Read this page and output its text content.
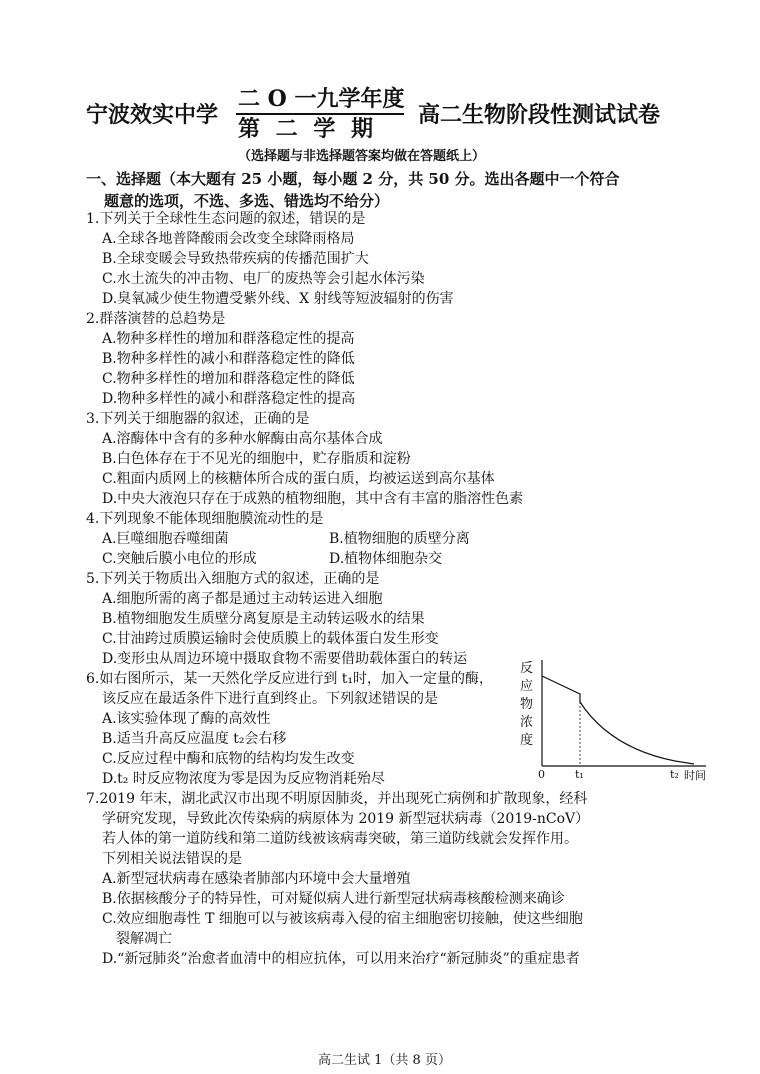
宁波效实中学
二 O 一九学年度
第 二 学 期
高二生物阶段性测试试卷
（选择题与非选择题答案均做在答题纸上）
一、选择题（本大题有 25 小题，每小题 2 分，共 50 分。选出各题中一个符合
题意的选项，不选、多选、错选均不给分）
1.下列关于全球性生态问题的叙述，错误的是
A.全球各地普降酸雨会改变全球降雨格局
B.全球变暖会导致热带疾病的传播范围扩大
C.水土流失的冲击物、电厂的废热等会引起水体污染
D.臭氧减少使生物遭受紫外线、X 射线等短波辐射的伤害
2.群落演替的总趋势是
A.物种多样性的增加和群落稳定性的提高
B.物种多样性的减小和群落稳定性的降低
C.物种多样性的增加和群落稳定性的降低
D.物种多样性的减小和群落稳定性的提高
3.下列关于细胞器的叙述，正确的是
A.溶酶体中含有的多种水解酶由高尔基体合成
B.白色体存在于不见光的细胞中，贮存脂质和淀粉
C.粗面内质网上的核糖体所合成的蛋白质，均被运送到高尔基体
D.中央大液泡只存在于成熟的植物细胞，其中含有丰富的脂溶性色素
4.下列现象不能体现细胞膜流动性的是
A.巨噬细胞吞噬细菌	B.植物细胞的质壁分离
C.突触后膜小电位的形成	D.植物体细胞杂交
5.下列关于物质出入细胞方式的叙述，正确的是
A.细胞所需的离子都是通过主动转运进入细胞
B.植物细胞发生质壁分离复原是主动转运吸水的结果
C.甘油跨过质膜运输时会使质膜上的载体蛋白发生形变
D.变形虫从周边环境中摄取食物不需要借助载体蛋白的转运
6.如右图所示，某一天然化学反应进行到 t₁时，加入一定量的酶，
该反应在最适条件下进行直到终止。下列叙述错误的是
A.该实验体现了酶的高效性
B.适当升高反应温度 t₂会右移
C.反应过程中酶和底物的结构均发生改变
D.t₂ 时反应物浓度为零是因为反应物消耗殆尽
反应物浓度
0	t₁	t₂ 时间
7.2019 年末，湖北武汉市出现不明原因肺炎，并出现死亡病例和扩散现象，经科
学研究发现，导致此次传染病的病原体为 2019 新型冠状病毒（2019-nCoV）
若人体的第一道防线和第二道防线被该病毒突破，第三道防线就会发挥作用。
下列相关说法错误的是
A.新型冠状病毒在感染者肺部内环境中会大量增殖
B.依据核酸分子的特异性，可对疑似病人进行新型冠状病毒核酸检测来确诊
C.效应细胞毒性 T 细胞可以与被该病毒入侵的宿主细胞密切接触，使这些细胞
裂解凋亡
D.“新冠肺炎”治愈者血清中的相应抗体，可以用来治疗“新冠肺炎”的重症患者
高二生试 1（共 8 页）
